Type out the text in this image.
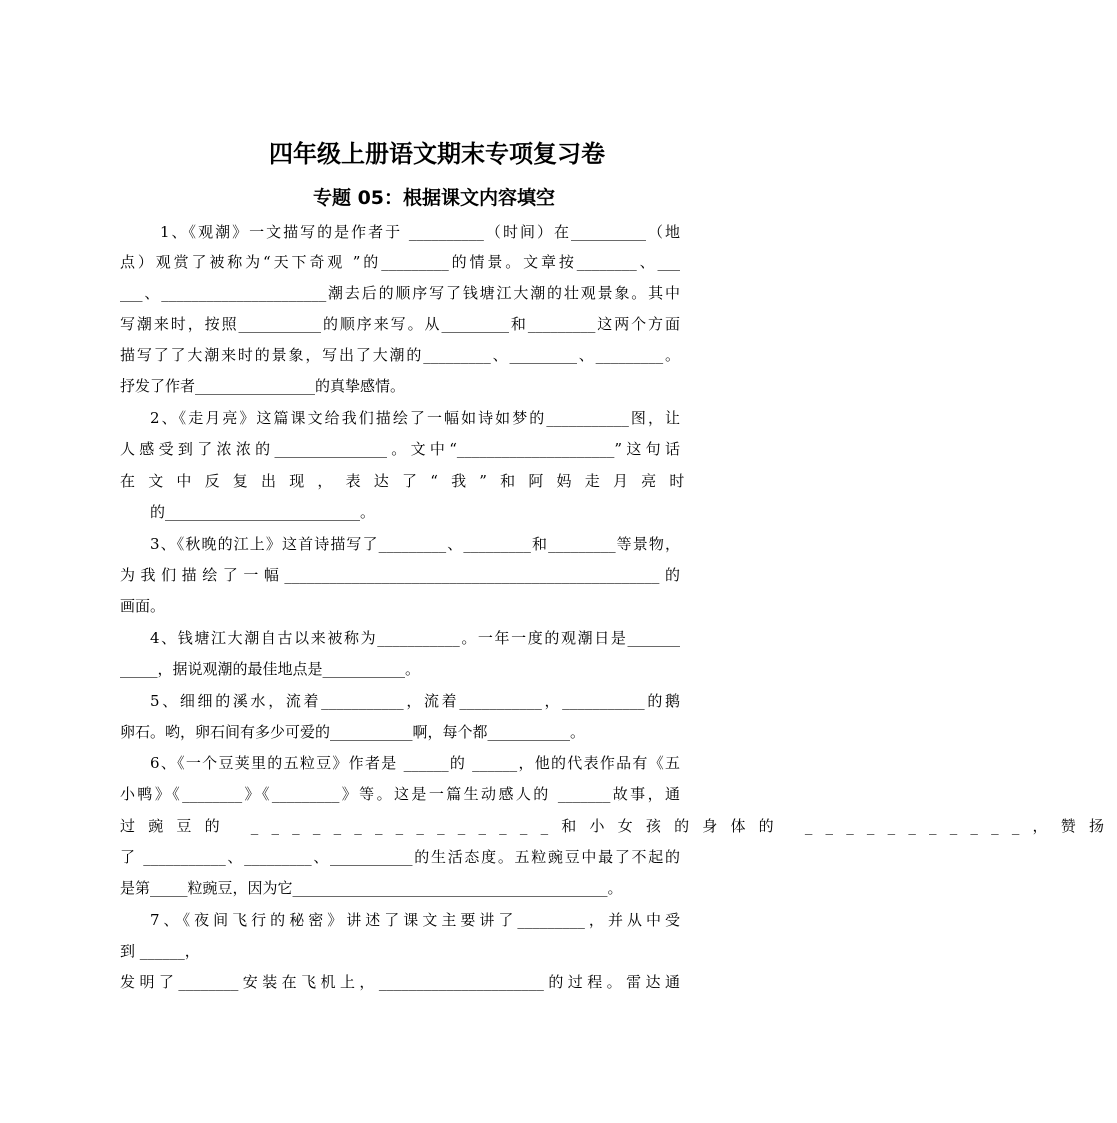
四年级上册语文期末专项复习卷
专题 05：根据课文内容填空
1、《观潮》一文描写的是作者于 __________（时间）在__________（地
点）观赏了被称为“天下奇观 ”的_________的情景。文章按________、___
___、______________________潮去后的顺序写了钱塘江大潮的壮观景象。其中
写潮来时，按照___________的顺序来写。从_________和_________这两个方面
描写了了大潮来时的景象，写出了大潮的_________、_________、_________。
抒发了作者________________的真挚感情。
2、《走月亮》这篇课文给我们描绘了一幅如诗如梦的___________图，让
人感受到了浓浓的_______________。文中“_____________________”这句话
在文中反复出现，表达了“我”和阿妈走月亮时
的__________________________。
3、《秋晚的江上》这首诗描写了_________、_________和_________等景物，
为我们描绘了一幅__________________________________________________的
画面。
4、钱塘江大潮自古以来被称为___________。一年一度的观潮日是_______
_____，据说观潮的最佳地点是___________。
5、细细的溪水，流着___________，流着___________，___________的鹅
卵石。哟，卵石间有多少可爱的___________啊，每个都___________。
6、《一个豆荚里的五粒豆》作者是 ______的 ______，他的代表作品有《五
小鸭》《________》《_________》等。这是一篇生动感人的 _______故事，通
过豌豆的 _______________和小女孩的身体的 ___________，赞扬
了 ___________、_________、___________的生活态度。五粒豌豆中最了不起的
是第_____粒豌豆，因为它__________________________________________。
7、《夜间飞行的秘密》讲述了课文主要讲了_________，并从中受
到 ______，
发明了________安装在飞机上，______________________的过程。雷达通
